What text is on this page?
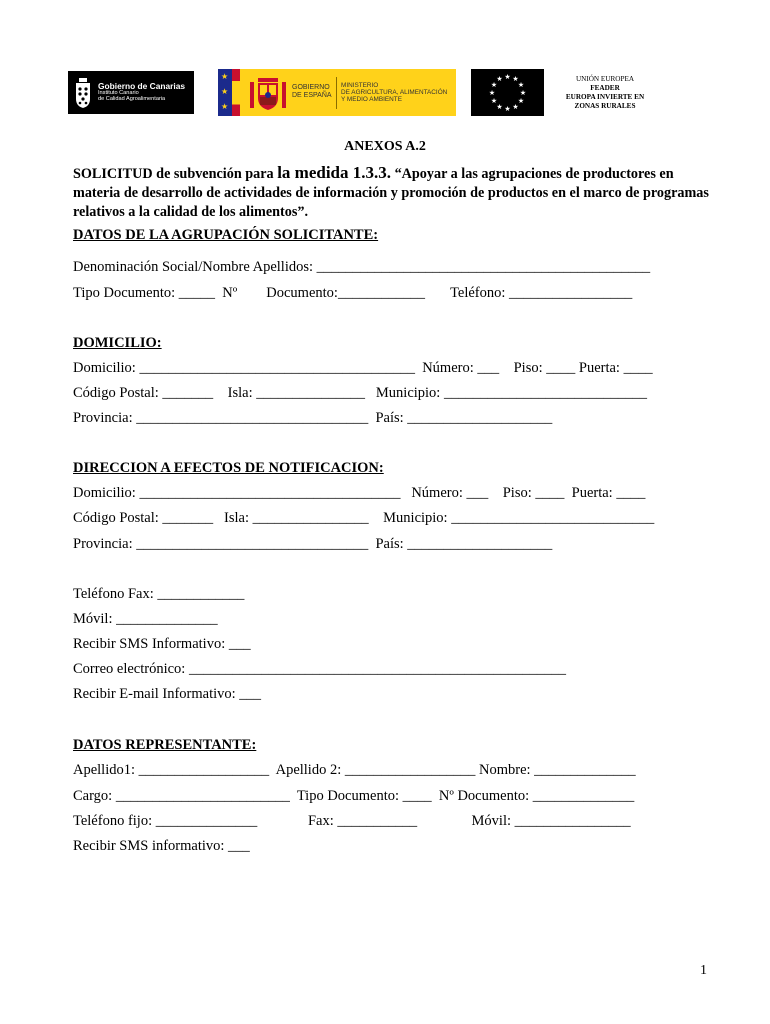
Gobierno de Canarias
Instituto Canario
de Calidad Agroalimentaria
★
★
★
GOBIERNO
DE ESPAÑA
MINISTERIO
DE AGRICULTURA, ALIMENTACIÓN
Y MEDIO AMBIENTE
★ ★
★
★
★
★
★
★
★
★
★
★	UNIÓN EUROPEA
FEADER
EUROPA INVIERTE EN
ZONAS RURALES
ANEXOS A.2
SOLICITUD de subvención para la medida 1.3.3. “Apoyar a las agrupaciones de productores en materia de desarrollo de actividades de información y promoción de productos en el marco de programas relativos a la calidad de los alimentos”.
DATOS DE LA AGRUPACIÓN SOLICITANTE:
Denominación Social/Nombre Apellidos: ______________________________________________
Tipo Documento: _____  Nº        Documento:____________       Teléfono: _________________
DOMICILIO:
Domicilio: ______________________________________  Número: ___    Piso: ____ Puerta: ____
Código Postal: _______    Isla: _______________   Municipio: ____________________________
Provincia: ________________________________  País: ____________________
DIRECCION A EFECTOS DE NOTIFICACION:
Domicilio: ____________________________________   Número: ___    Piso: ____  Puerta: ____
Código Postal: _______   Isla: ________________    Municipio: ____________________________
Provincia: ________________________________  País: ____________________
Teléfono Fax: ____________
Móvil: ______________
Recibir SMS Informativo: ___
Correo electrónico: ____________________________________________________
Recibir E-mail Informativo: ___
DATOS REPRESENTANTE:
Apellido1: __________________  Apellido 2: __________________ Nombre: ______________
Cargo: ________________________  Tipo Documento: ____  Nº Documento: ______________
Teléfono fijo: ______________              Fax: ___________               Móvil: ________________
Recibir SMS informativo: ___
1
